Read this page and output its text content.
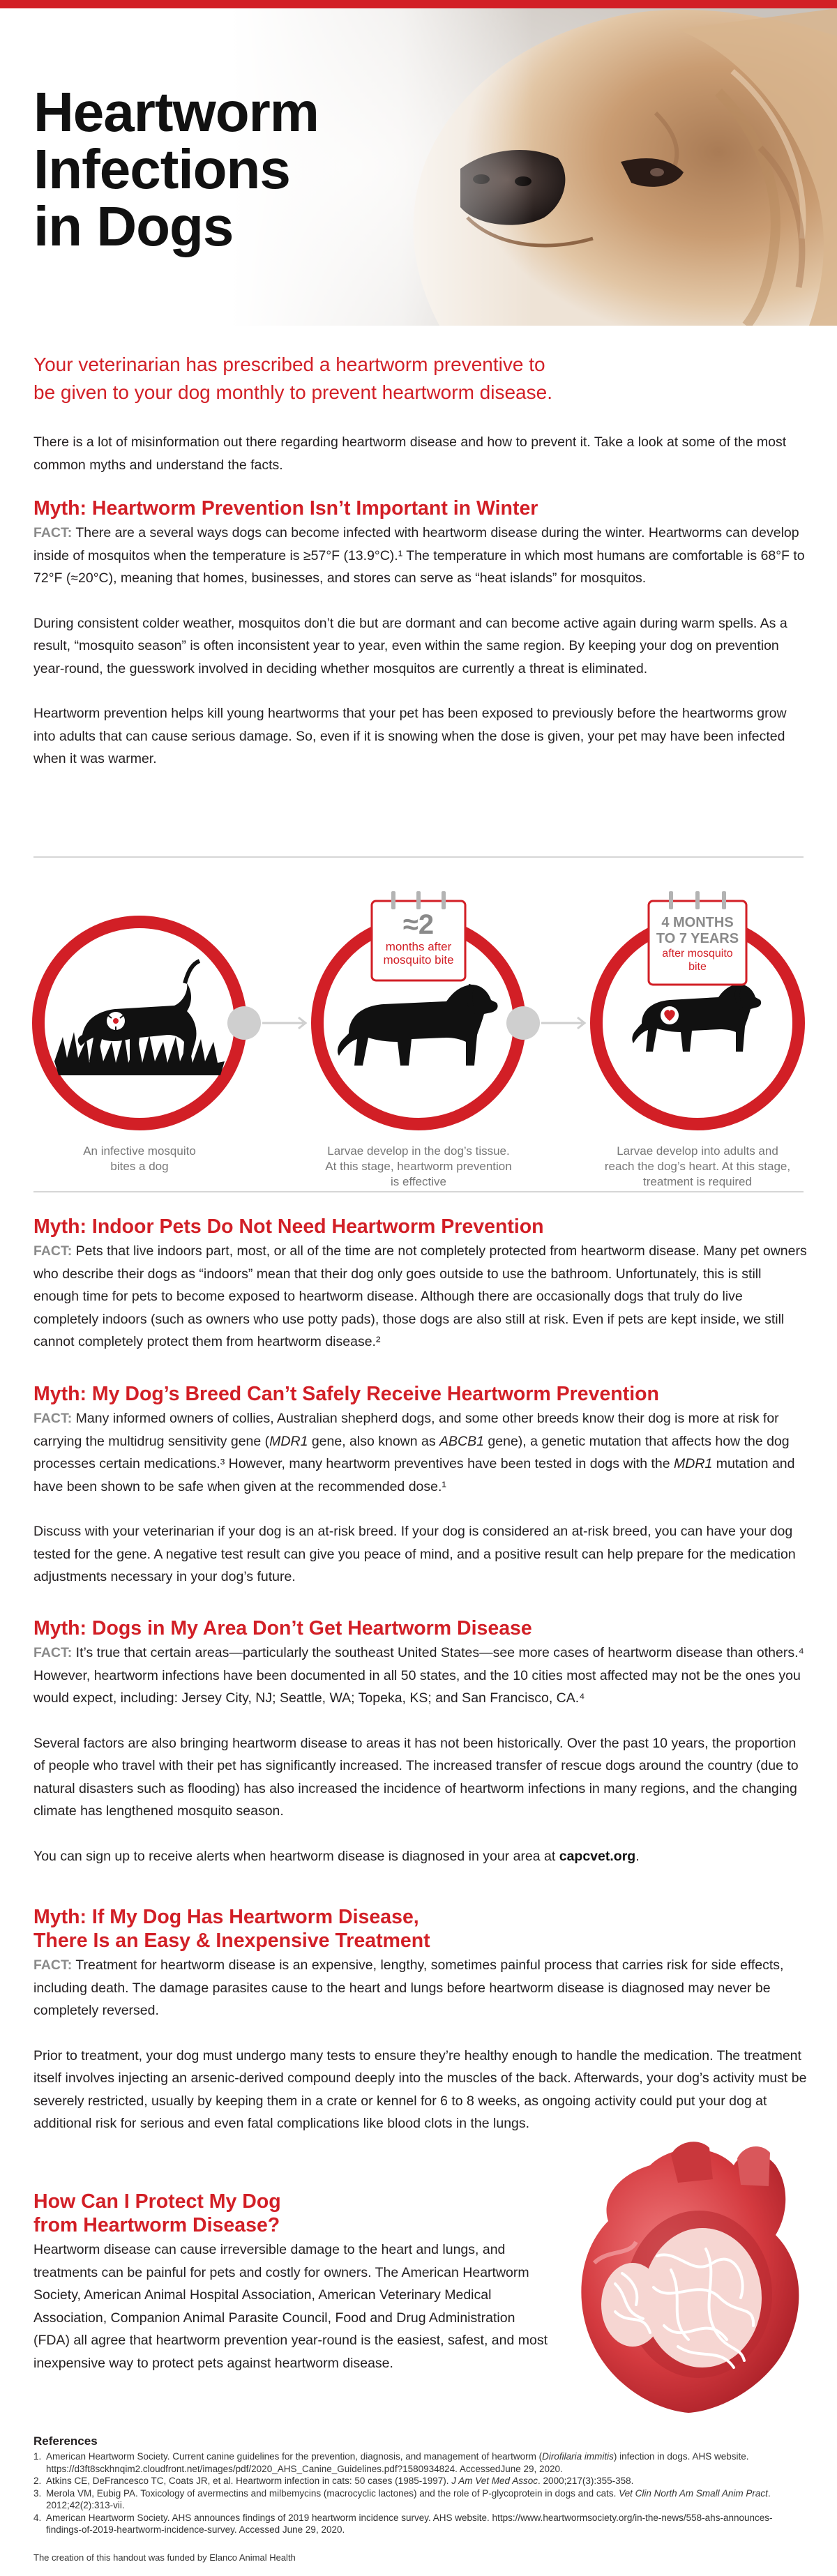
Heartworm
Infections
in Dogs

Your veterinarian has prescribed a heartworm preventive to be given to your dog monthly to prevent heartworm disease.

There is a lot of misinformation out there regarding heartworm disease and how to prevent it. Take a look at some of the most common myths and understand the facts.

Myth: Heartworm Prevention Isn’t Important in Winter

FACT: There are a several ways dogs can become infected with heartworm disease during the winter. Heartworms can develop inside of mosquitos when the temperature is ≥57°F (13.9°C).¹ The temperature in which most humans are comfortable is 68°F to 72°F (≈20°C), meaning that homes, businesses, and stores can serve as “heat islands” for mosquitos.

During consistent colder weather, mosquitos don’t die but are dormant and can become active again during warm spells. As a result, “mosquito season” is often inconsistent year to year, even within the same region. By keeping your dog on prevention year-round, the guesswork involved in deciding whether mosquitos are currently a threat is eliminated.

Heartworm prevention helps kill young heartworms that your pet has been exposed to previously before the heartworms grow into adults that can cause serious damage. So, even if it is snowing when the dose is given, your pet may have been infected when it was warmer.

≈2
months after
mosquito bite
4 MONTHS
TO 7 YEARS
after mosquito
bite
An infective mosquito
bites a dog
Larvae develop in the dog’s tissue.
At this stage, heartworm prevention
is effective
Larvae develop into adults and
reach the dog’s heart. At this stage,
treatment is required
Myth: Indoor Pets Do Not Need Heartworm Prevention

FACT: Pets that live indoors part, most, or all of the time are not completely protected from heartworm disease. Many pet owners who describe their dogs as “indoors” mean that their dog only goes outside to use the bathroom. Unfortunately, this is still enough time for pets to become exposed to heartworm disease. Although there are occasionally dogs that truly do live completely indoors (such as owners who use potty pads), those dogs are also still at risk. Even if pets are kept inside, we still cannot completely protect them from heartworm disease.²

Myth: My Dog’s Breed Can’t Safely Receive Heartworm Prevention

FACT: Many informed owners of collies, Australian shepherd dogs, and some other breeds know their dog is more at risk for carrying the multidrug sensitivity gene (MDR1 gene, also known as ABCB1 gene), a genetic mutation that affects how the dog processes certain medications.³ However, many heartworm preventives have been tested in dogs with the MDR1 mutation and have been shown to be safe when given at the recommended dose.¹

Discuss with your veterinarian if your dog is an at-risk breed. If your dog is considered an at-risk breed, you can have your dog tested for the gene. A negative test result can give you peace of mind, and a positive result can help prepare for the medication adjustments necessary in your dog’s future.

Myth: Dogs in My Area Don’t Get Heartworm Disease

FACT: It’s true that certain areas—particularly the southeast United States—see more cases of heartworm disease than others.⁴ However, heartworm infections have been documented in all 50 states, and the 10 cities most affected may not be the ones you would expect, including: Jersey City, NJ; Seattle, WA; Topeka, KS; and San Francisco, CA.⁴

Several factors are also bringing heartworm disease to areas it has not been historically. Over the past 10 years, the proportion of people who travel with their pet has significantly increased. The increased transfer of rescue dogs around the country (due to natural disasters such as flooding) has also increased the incidence of heartworm infections in many regions, and the changing climate has lengthened mosquito season.

You can sign up to receive alerts when heartworm disease is diagnosed in your area at capcvet.org.

Myth: If My Dog Has Heartworm Disease,
There Is an Easy & Inexpensive Treatment

FACT: Treatment for heartworm disease is an expensive, lengthy, sometimes painful process that carries risk for side effects, including death. The damage parasites cause to the heart and lungs before heartworm disease is diagnosed may never be completely reversed.

Prior to treatment, your dog must undergo many tests to ensure they’re healthy enough to handle the medication. The treatment itself involves injecting an arsenic-derived compound deeply into the muscles of the back. Afterwards, your dog’s activity must be severely restricted, usually by keeping them in a crate or kennel for 6 to 8 weeks, as ongoing activity could put your dog at additional risk for serious and even fatal complications like blood clots in the lungs.

How Can I Protect My Dog
from Heartworm Disease?

Heartworm disease can cause irreversible damage to the heart and lungs, and treatments can be painful for pets and costly for owners. The American Heartworm Society, American Animal Hospital Association, American Veterinary Medical Association, Companion Animal Parasite Council, Food and Drug Administration (FDA) all agree that heartworm prevention year-round is the easiest, safest, and most inexpensive way to protect pets against heartworm disease.

References
1. American Heartworm Society. Current canine guidelines for the prevention, diagnosis, and management of heartworm (Dirofilaria immitis) infection in dogs. AHS website. https://d3ft8sckhnqim2.cloudfront.net/images/pdf/2020_AHS_Canine_Guidelines.pdf?1580934824. AccessedJune 29, 2020.
2. Atkins CE, DeFrancesco TC, Coats JR, et al. Heartworm infection in cats: 50 cases (1985-1997). J Am Vet Med Assoc. 2000;217(3):355-358.
3. Merola VM, Eubig PA. Toxicology of avermectins and milbemycins (macrocyclic lactones) and the role of P-glycoprotein in dogs and cats. Vet Clin North Am Small Anim Pract. 2012;42(2):313-vii.
4. American Heartworm Society. AHS announces findings of 2019 heartworm incidence survey. AHS website. https://www.heartwormsociety.org/in-the-news/558-ahs-announces-findings-of-2019-heartworm-incidence-survey. Accessed June 29, 2020.
The creation of this handout was funded by Elanco Animal Health
